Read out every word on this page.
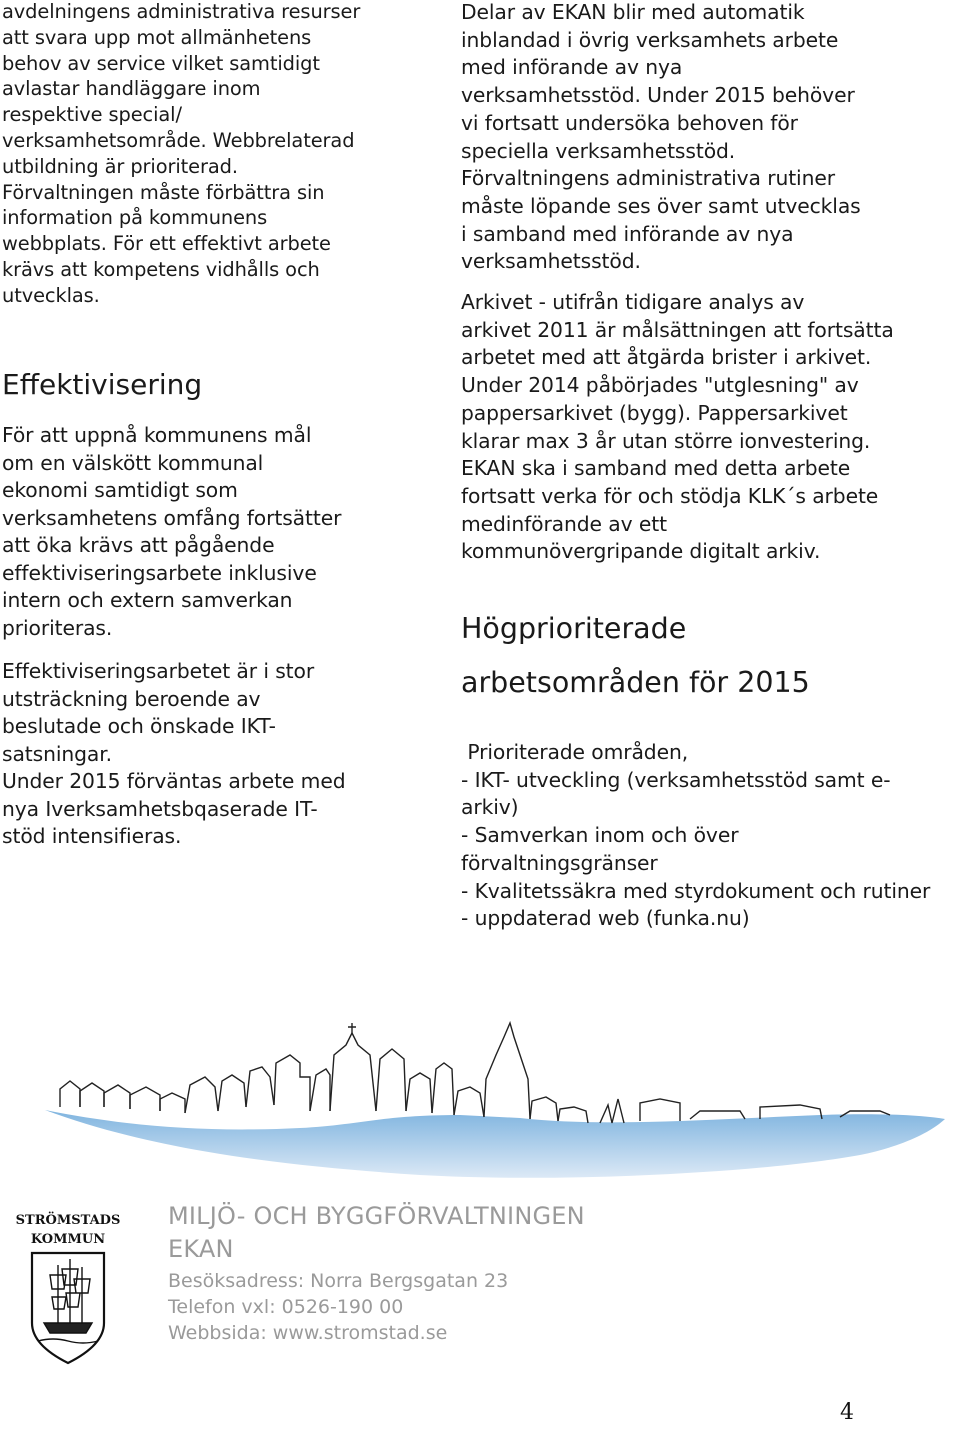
avdelningens administrativa resurser
att svara upp mot allmänhetens
behov av service vilket samtidigt
avlastar handläggare inom
respektive special/
verksamhetsområde. Webbrelaterad
utbildning är prioriterad.
Förvaltningen måste förbättra sin
information på kommunens
webbplats. För ett effektivt arbete
krävs att kompetens vidhålls och
utvecklas.
Effektivisering
För att uppnå kommunens mål
om en välskött kommunal
ekonomi samtidigt som
verksamhetens omfång fortsätter
att öka krävs att pågående
effektiviseringsarbete inklusive
intern och extern samverkan
prioriteras.
Effektiviseringsarbetet är i stor
utsträckning beroende av
beslutade och önskade IKT-
satsningar.
Under 2015 förväntas arbete med
nya Iverksamhetsbqaserade IT-
stöd intensifieras.
Delar av EKAN blir med automatik
inblandad i övrig verksamhets arbete
med införande av nya
verksamhetsstöd. Under 2015 behöver
vi fortsatt undersöka behoven för
speciella verksamhetsstöd.
Förvaltningens administrativa rutiner
måste löpande ses över samt utvecklas
i samband med införande av nya
verksamhetsstöd.
Arkivet - utifrån tidigare analys av
arkivet 2011 är målsättningen att fortsätta
arbetet med att åtgärda brister i arkivet.
Under 2014 påbörjades "utglesning" av
pappersarkivet (bygg). Pappersarkivet
klarar max 3 år utan större ionvestering.
EKAN ska i samband med detta arbete
fortsatt verka för och stödja KLK´s arbete
medinförande av ett
kommunövergripande digitalt arkiv.
Högprioriterade
arbetsområden för 2015
Prioriterade områden,
- IKT- utveckling (verksamhetsstöd samt e-
arkiv)
- Samverkan inom och över
förvaltningsgränser
- Kvalitetssäkra med styrdokument och rutiner
- uppdaterad web (funka.nu)
STRÖMSTADS
KOMMUN
MILJÖ- OCH BYGGFÖRVALTNINGEN
EKAN
Besöksadress: Norra Bergsgatan 23
Telefon vxl: 0526-190 00
Webbsida: www.stromstad.se
4
